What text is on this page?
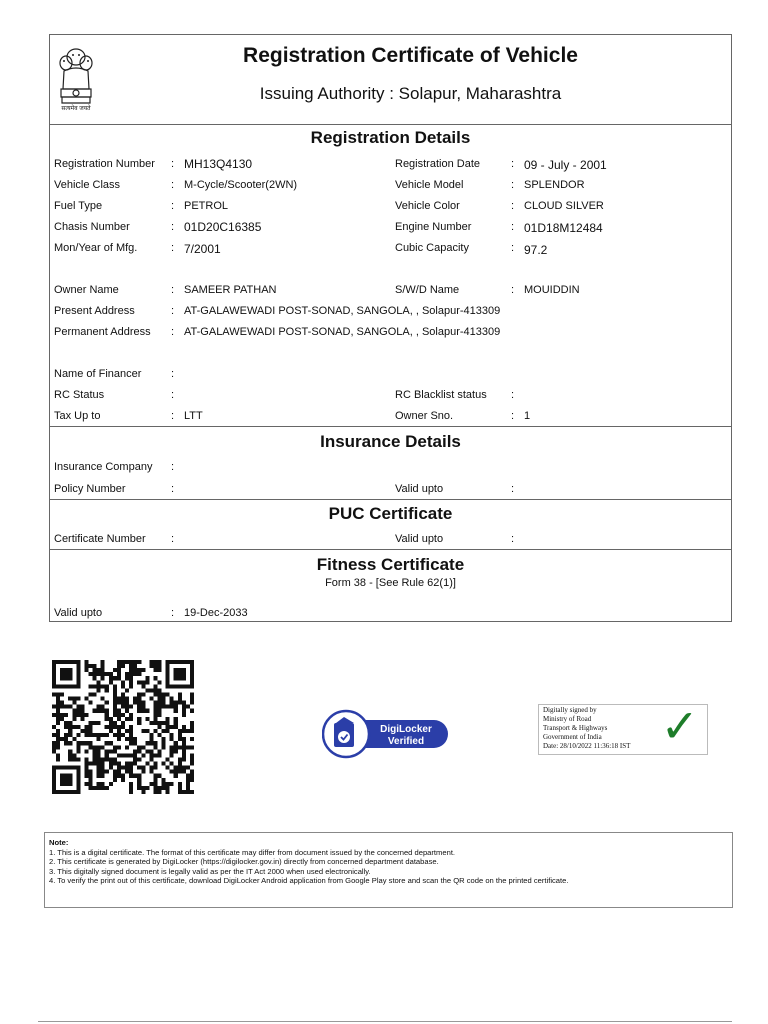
सत्यमेव जयते
Registration Certificate of Vehicle
Issuing Authority : Solapur, Maharashtra
Registration Details
Registration Number : MH13Q4130	Registration Date	: 09 - July - 2001
Vehicle Class	: M-Cycle/Scooter(2WN)	Vehicle Model	: SPLENDOR
Fuel Type	: PETROL	Vehicle Color	: CLOUD SILVER
Chasis Number	: 01D20C16385	Engine Number	: 01D18M12484
Mon/Year of Mfg.	: 7/2001	Cubic Capacity	: 97.2
Owner Name	: SAMEER PATHAN	S/W/D Name	: MOUIDDIN
Present Address	: AT-GALAWEWADI POST-SONAD, SANGOLA, , Solapur-413309
Permanent Address : AT-GALAWEWADI POST-SONAD, SANGOLA, , Solapur-413309
Name of Financer	:
RC Status	:	RC Blacklist status :
Tax Up to	: LTT	Owner Sno.	: 1
Insurance Details
Insurance Company :
Policy Number	:	Valid upto	:
PUC Certificate
Certificate Number :	Valid upto	:
Fitness Certificate
Form 38 - [See Rule 62(1)]
Valid upto	: 19-Dec-2033
DigiLocker
Verified
Digitally signed by
Ministry of Road
Transport & Highways
Government of India
Date: 28/10/2022 11:36:18 IST ✓
Note:
1. This is a digital certificate. The format of this certificate may differ from document issued by the concerned department.
2. This certificate is generated by DigiLocker (https://digilocker.gov.in) directly from concerned department database.
3. This digitally signed document is legally valid as per the IT Act 2000 when used electronically.
4. To verify the print out of this certificate, download DigiLocker Android application from Google Play store and scan the QR code on the printed certificate.
